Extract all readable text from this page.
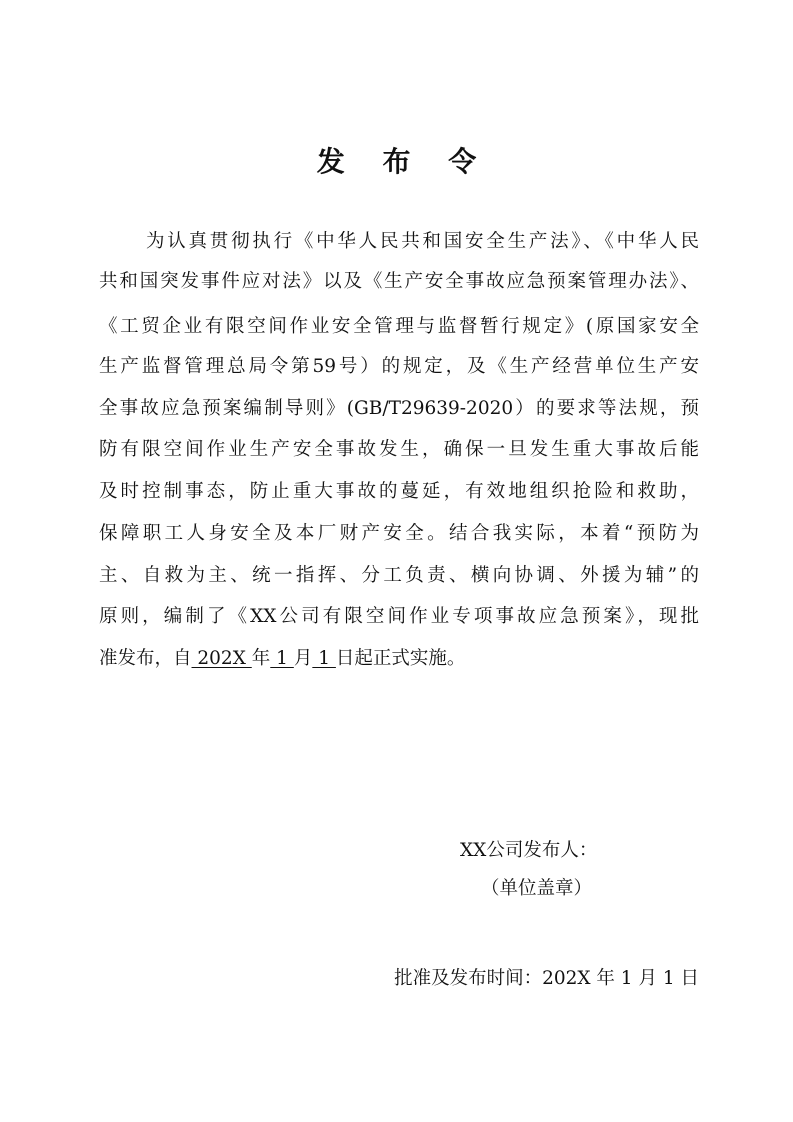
发 布 令
为认真贯彻执行《中华人民共和国安全生产法》、《中华人民
共和国突发事件应对法》以及《生产安全事故应急预案管理办法》、
《工贸企业有限空间作业安全管理与监督暂行规定》(原国家安全
生产监督管理总局令第59号）的规定，及《生产经营单位生产安
全事故应急预案编制导则》(GB/T29639-2020）的要求等法规，预
防有限空间作业生产安全事故发生，确保一旦发生重大事故后能
及时控制事态，防止重大事故的蔓延，有效地组织抢险和救助，
保障职工人身安全及本厂财产安全。结合我实际，本着“预防为
主、自救为主、统一指挥、分工负责、横向协调、外援为辅”的
原则，编制了《XX公司有限空间作业专项事故应急预案》，现批
准发布，自 202X 年 1 月 1 日起正式实施。
XX公司发布人：
（单位盖章）
批准及发布时间：202X 年 1 月 1 日
